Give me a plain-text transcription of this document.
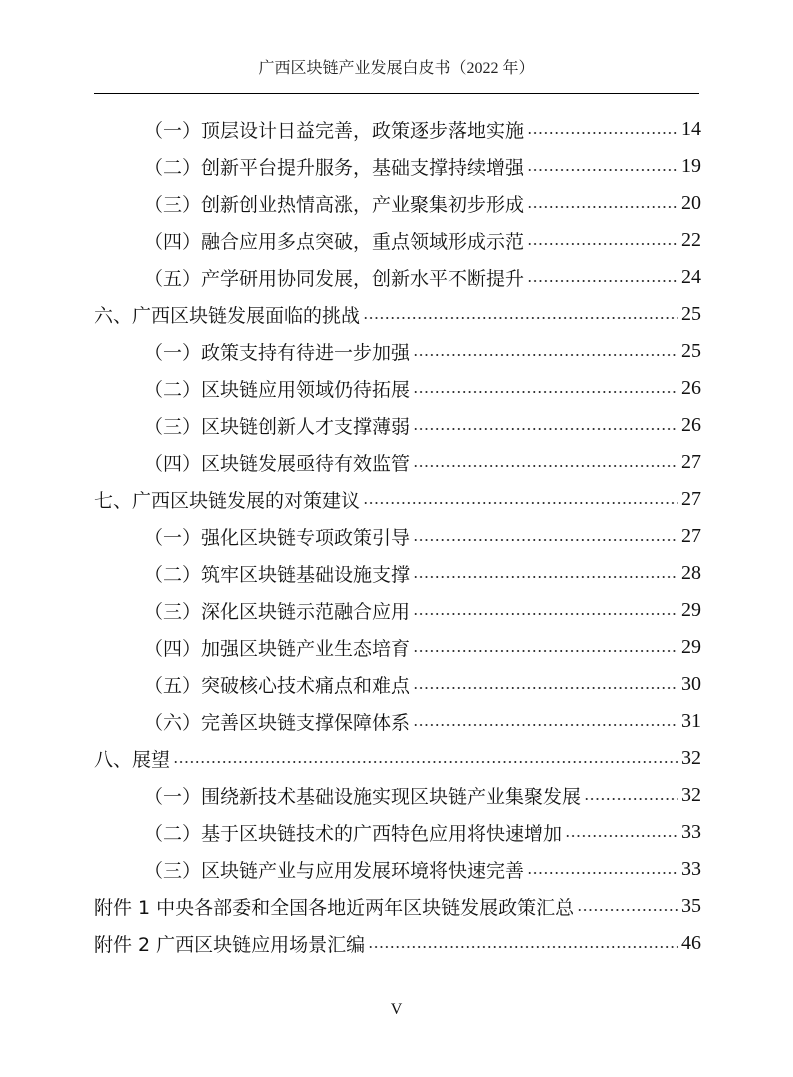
广西区块链产业发展白皮书（2022 年）
（一）顶层设计日益完善，政策逐步落地实施	14
（二）创新平台提升服务，基础支撑持续增强	19
（三）创新创业热情高涨，产业聚集初步形成	20
（四）融合应用多点突破，重点领域形成示范	22
（五）产学研用协同发展，创新水平不断提升	24
六、广西区块链发展面临的挑战	25
（一）政策支持有待进一步加强	25
（二）区块链应用领域仍待拓展	26
（三）区块链创新人才支撑薄弱	26
（四）区块链发展亟待有效监管	27
七、广西区块链发展的对策建议	27
（一）强化区块链专项政策引导	27
（二）筑牢区块链基础设施支撑	28
（三）深化区块链示范融合应用	29
（四）加强区块链产业生态培育	29
（五）突破核心技术痛点和难点	30
（六）完善区块链支撑保障体系	31
八、展望	32
（一）围绕新技术基础设施实现区块链产业集聚发展	32
（二）基于区块链技术的广西特色应用将快速增加	33
（三）区块链产业与应用发展环境将快速完善	33
附件 1 中央各部委和全国各地近两年区块链发展政策汇总	35
附件 2 广西区块链应用场景汇编	46
V
